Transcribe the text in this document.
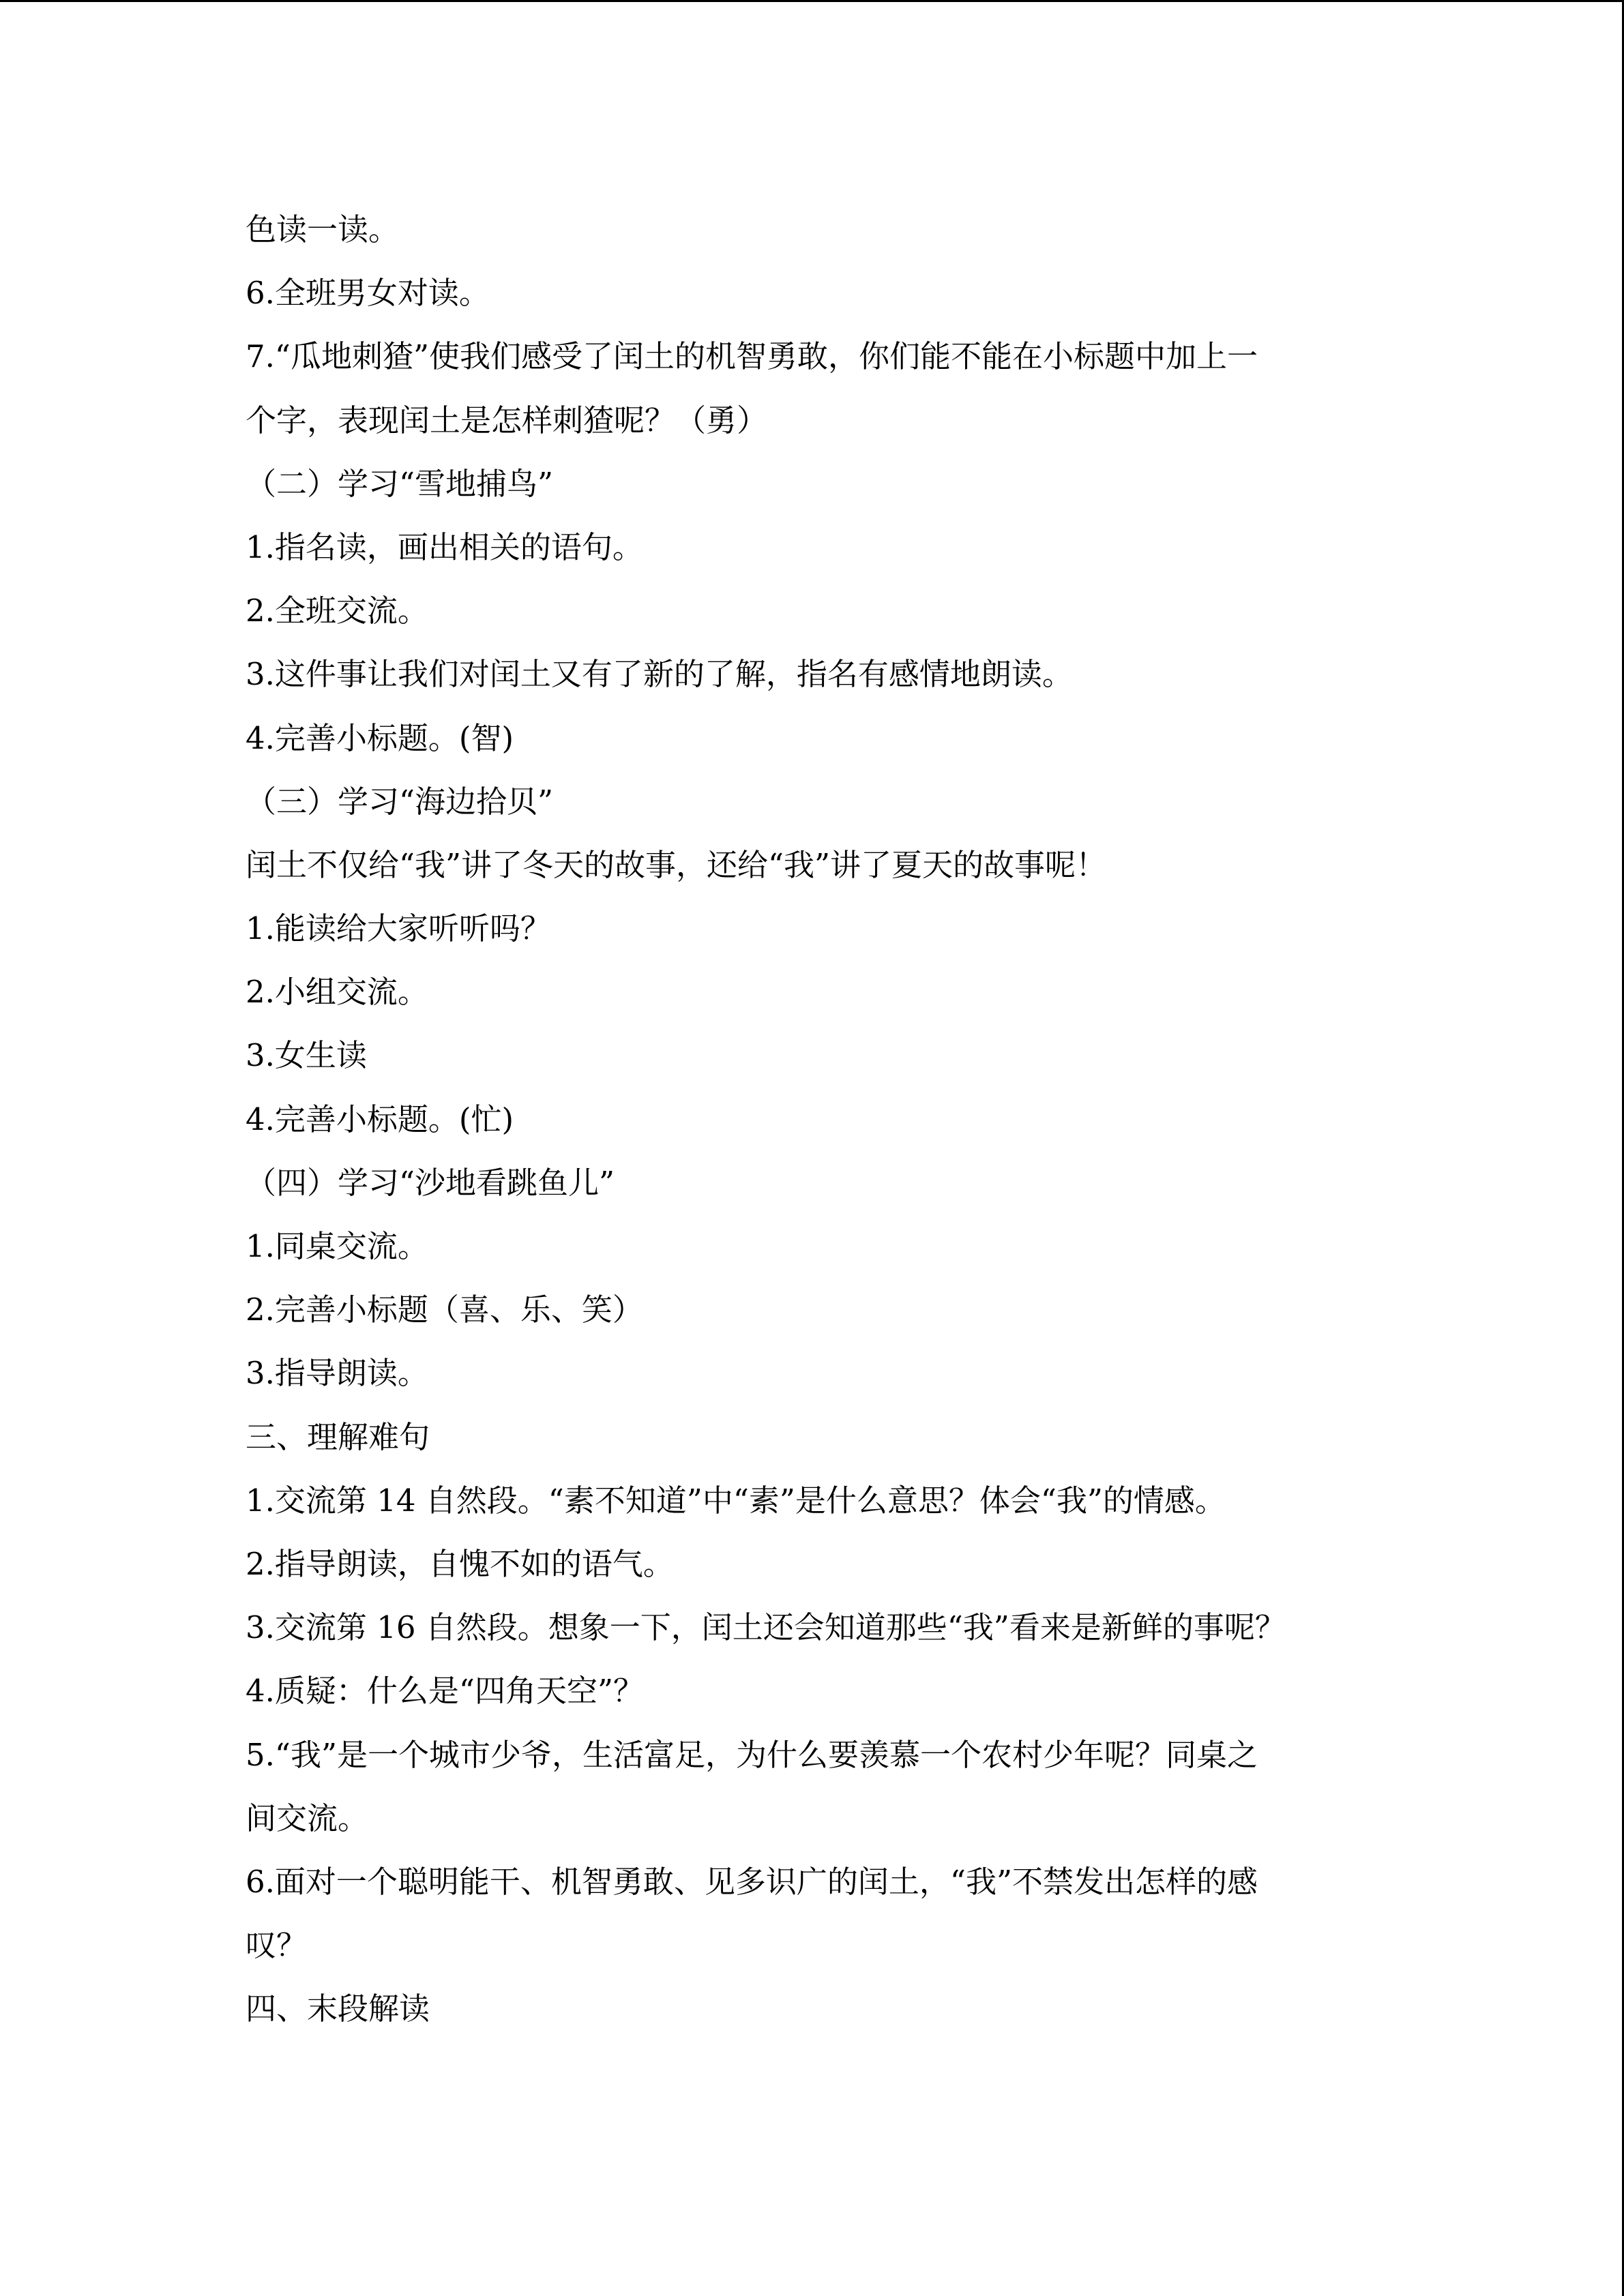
色读一读。
6.全班男女对读。
7.“瓜地刺猹”使我们感受了闰土的机智勇敢，你们能不能在小标题中加上一
个字，表现闰土是怎样刺猹呢？（勇）
（二）学习“雪地捕鸟”
1.指名读，画出相关的语句。
2.全班交流。
3.这件事让我们对闰土又有了新的了解，指名有感情地朗读。
4.完善小标题。(智)
（三）学习“海边拾贝”
闰土不仅给“我”讲了冬天的故事，还给“我”讲了夏天的故事呢！
1.能读给大家听听吗？
2.小组交流。
3.女生读
4.完善小标题。(忙)
（四）学习“沙地看跳鱼儿”
1.同桌交流。
2.完善小标题（喜、乐、笑）
3.指导朗读。
三、理解难句
1.交流第 14 自然段。“素不知道”中“素”是什么意思？体会“我”的情感。
2.指导朗读，自愧不如的语气。
3.交流第 16 自然段。想象一下，闰土还会知道那些“我”看来是新鲜的事呢？
4.质疑：什么是“四角天空”？
5.“我”是一个城市少爷，生活富足，为什么要羡慕一个农村少年呢？同桌之
间交流。
6.面对一个聪明能干、机智勇敢、见多识广的闰土，“我”不禁发出怎样的感
叹？
四、末段解读
